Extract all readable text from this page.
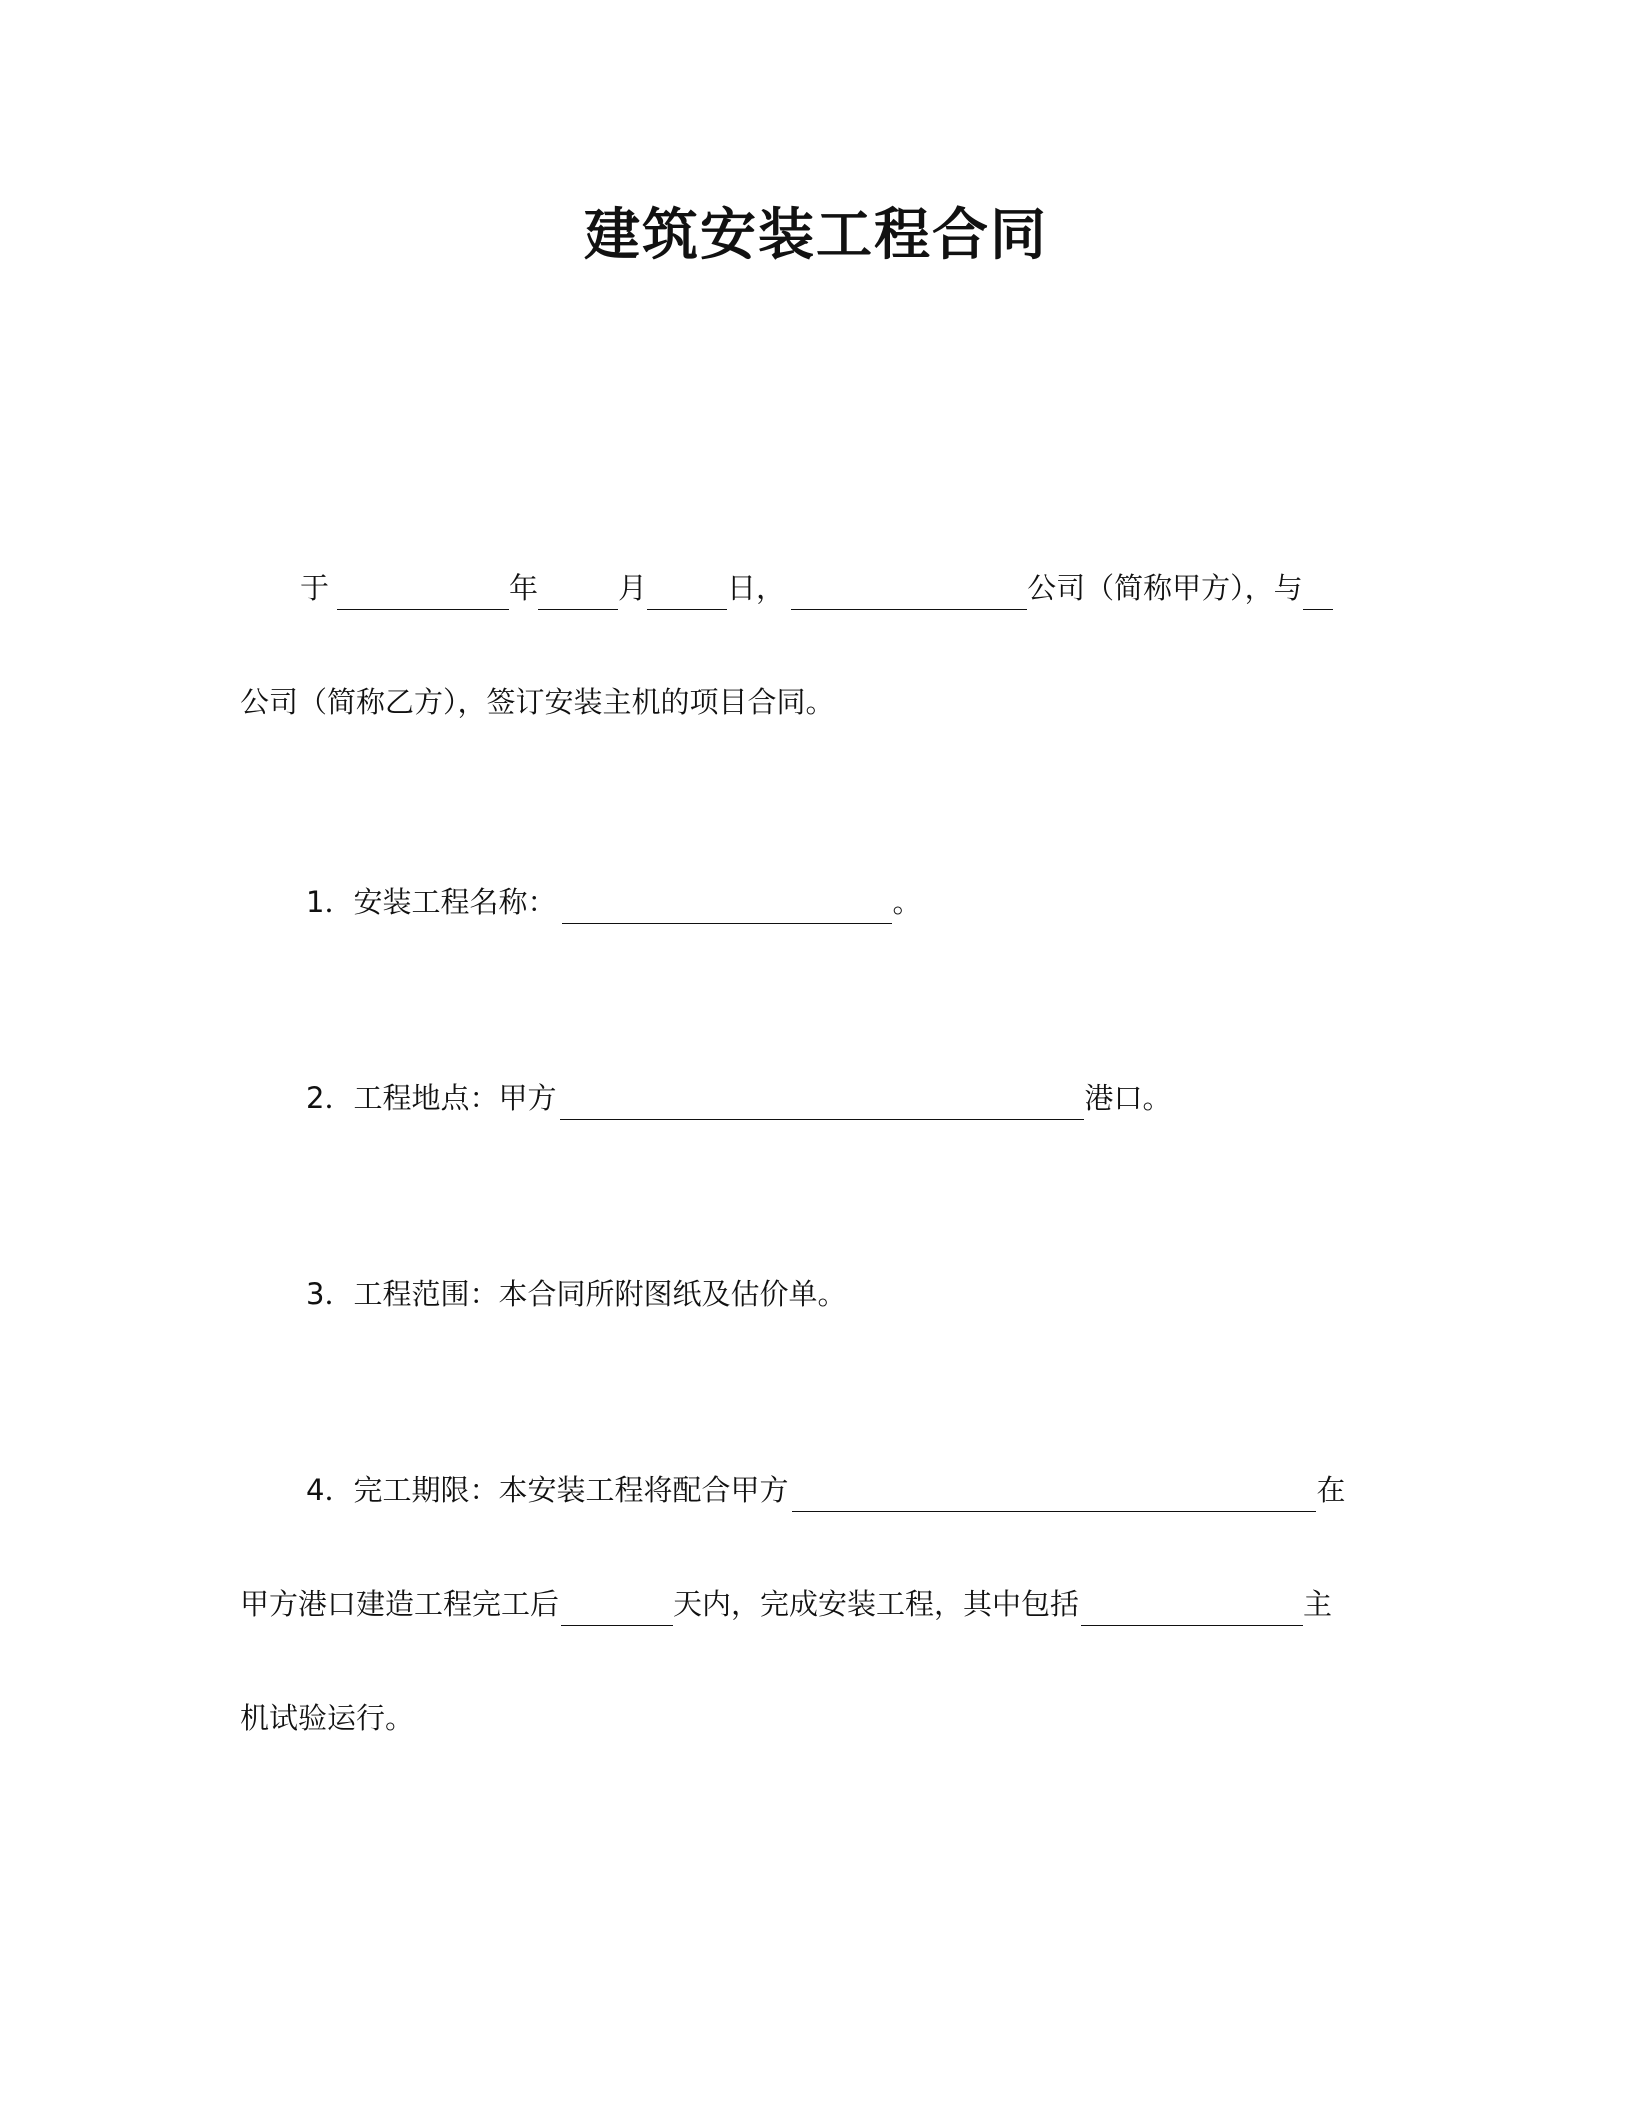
建筑安装工程合同
于	年	月	日，	公司（简称甲方），与
公司（简称乙方），签订安装主机的项目合同。
1．安装工程名称：	。
2．工程地点：甲方	港口。
3．工程范围：本合同所附图纸及估价单。
4．完工期限：本安装工程将配合甲方	在
甲方港口建造工程完工后	天内，完成安装工程，其中包括	主
机试验运行。
